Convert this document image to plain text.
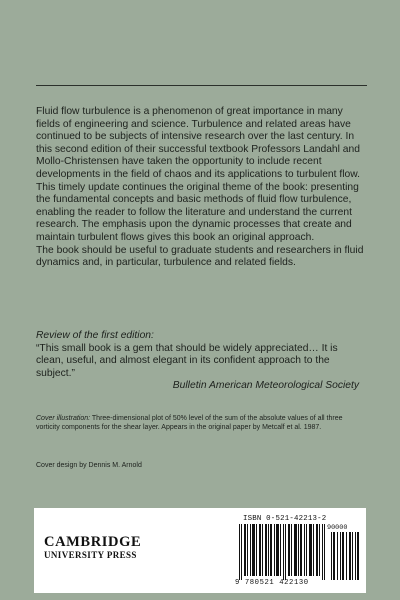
Fluid flow turbulence is a phenomenon of great importance in many fields of engineering and science. Turbulence and related areas have continued to be subjects of intensive research over the last century. In this second edition of their successful textbook Professors Landahl and Mollo-Christensen have taken the opportunity to include recent developments in the field of chaos and its applications to turbulent flow.

This timely update continues the original theme of the book: presenting the fundamental concepts and basic methods of fluid flow turbulence, enabling the reader to follow the literature and understand the current research. The emphasis upon the dynamic processes that create and maintain turbulent flows gives this book an original approach.

The book should be useful to graduate students and researchers in fluid dynamics and, in particular, turbulence and related fields.

Review of the first edition:
“This small book is a gem that should be widely appreciated… It is clean, useful, and almost elegant in its confident approach to the subject.”
Bulletin American Meteorological Society
Cover illustration: Three-dimensional plot of 50% level of the sum of the absolute values of all three vorticity components for the shear layer. Appears in the original paper by Metcalf et al. 1987.
Cover design by Dennis M. Arnold
CAMBRIDGE
UNIVERSITY PRESS
ISBN 0-521-42213-2
90000
9 780521 422130
